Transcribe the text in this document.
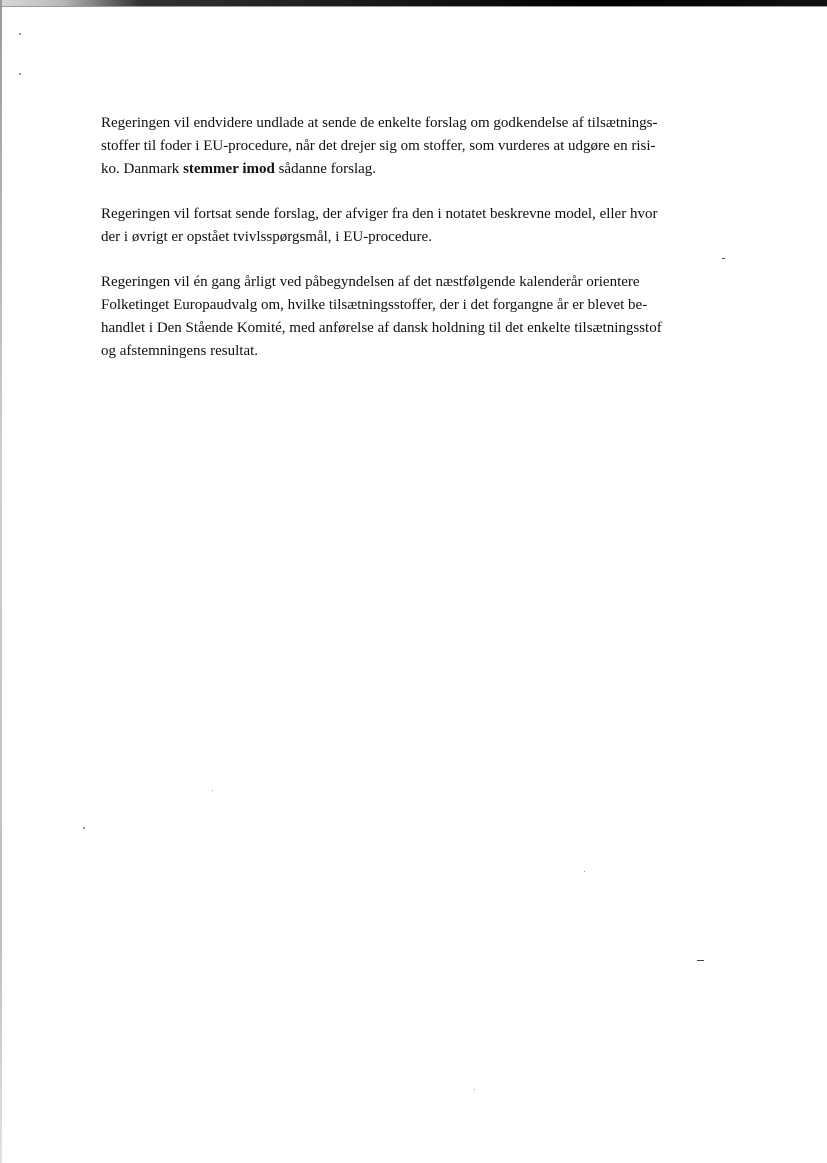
Regeringen vil endvidere undlade at sende de enkelte forslag om godkendelse af tilsætnings-
stoffer til foder i EU-procedure, når det drejer sig om stoffer, som vurderes at udgøre en risi-
ko. Danmark stemmer imod sådanne forslag.

Regeringen vil fortsat sende forslag, der afviger fra den i notatet beskrevne model, eller hvor
der i øvrigt er opstået tvivlsspørgsmål, i EU-procedure.

Regeringen vil én gang årligt ved påbegyndelsen af det næstfølgende kalenderår orientere
Folketinget Europaudvalg om, hvilke tilsætningsstoffer, der i det forgangne år er blevet be-
handlet i Den Stående Komité, med anførelse af dansk holdning til det enkelte tilsætningsstof
og afstemningens resultat.
